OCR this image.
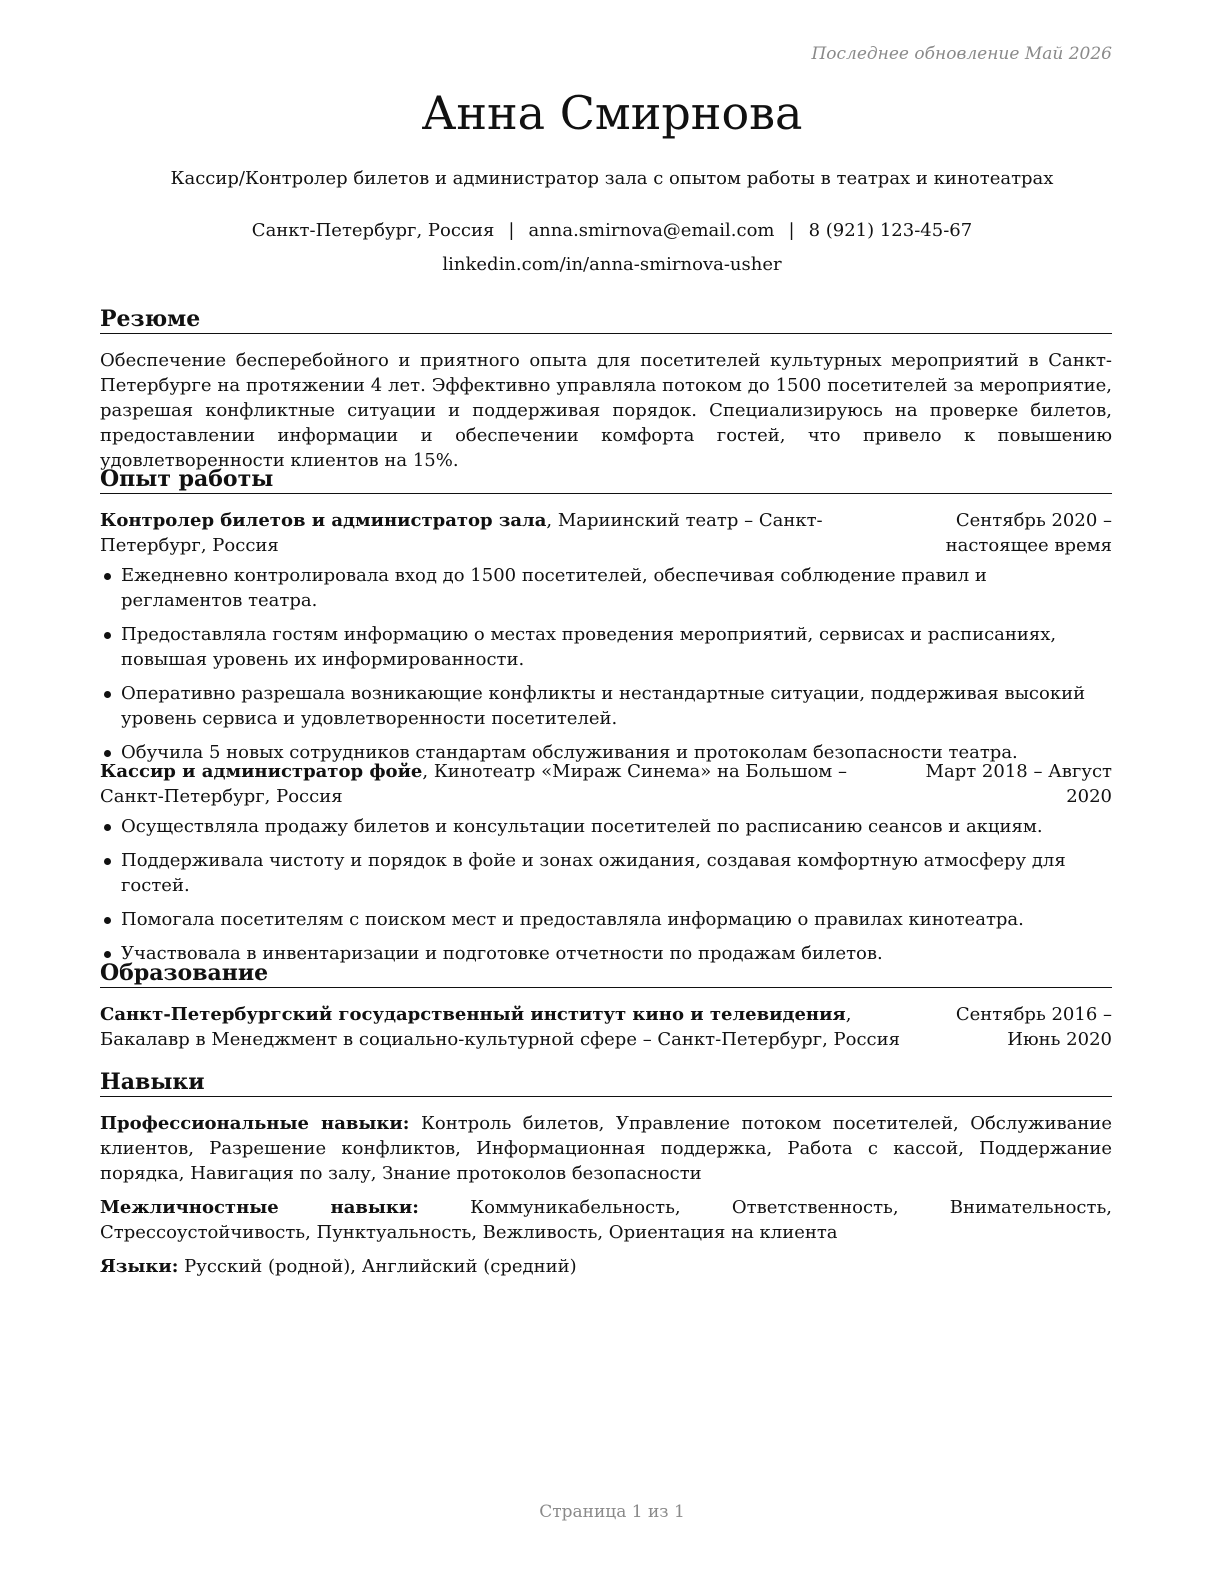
Последнее обновление Май 2026
Анна Смирнова
Кассир/Контролер билетов и администратор зала с опытом работы в театрах и кинотеатрах
Санкт-Петербург, Россия | anna.smirnova@email.com | 8 (921) 123-45-67
linkedin.com/in/anna-smirnova-usher
Резюме
Обеспечение бесперебойного и приятного опыта для посетителей культурных мероприятий в Санкт-Петербурге на протяжении 4 лет. Эффективно управляла потоком до 1500 посетителей за мероприятие, разрешая конфликтные ситуации и поддерживая порядок. Специализируюсь на проверке билетов, предоставлении информации и обеспечении комфорта гостей, что привело к повышению удовлетворенности клиентов на 15%.
Опыт работы
Контролер билетов и администратор зала, Мариинский театр – Санкт-Петербург, Россия
Сентябрь 2020 – настоящее время
Ежедневно контролировала вход до 1500 посетителей, обеспечивая соблюдение правил и регламентов театра.
Предоставляла гостям информацию о местах проведения мероприятий, сервисах и расписаниях, повышая уровень их информированности.
Оперативно разрешала возникающие конфликты и нестандартные ситуации, поддерживая высокий уровень сервиса и удовлетворенности посетителей.
Обучила 5 новых сотрудников стандартам обслуживания и протоколам безопасности театра.
Кассир и администратор фойе, Кинотеатр «Мираж Синема» на Большом – Санкт-Петербург, Россия
Март 2018 – Август 2020
Осуществляла продажу билетов и консультации посетителей по расписанию сеансов и акциям.
Поддерживала чистоту и порядок в фойе и зонах ожидания, создавая комфортную атмосферу для гостей.
Помогала посетителям с поиском мест и предоставляла информацию о правилах кинотеатра.
Участвовала в инвентаризации и подготовке отчетности по продажам билетов.
Образование
Санкт-Петербургский государственный институт кино и телевидения, Бакалавр в Менеджмент в социально-культурной сфере – Санкт-Петербург, Россия
Сентябрь 2016 – Июнь 2020
Навыки

Профессиональные навыки: Контроль билетов, Управление потоком посетителей, Обслуживание клиентов, Разрешение конфликтов, Информационная поддержка, Работа с кассой, Поддержание порядка, Навигация по залу, Знание протоколов безопасности

Межличностные навыки: Коммуникабельность, Ответственность, Внимательность, Стрессоустойчивость, Пунктуальность, Вежливость, Ориентация на клиента

Языки: Русский (родной), Английский (средний)

Страница 1 из 1
